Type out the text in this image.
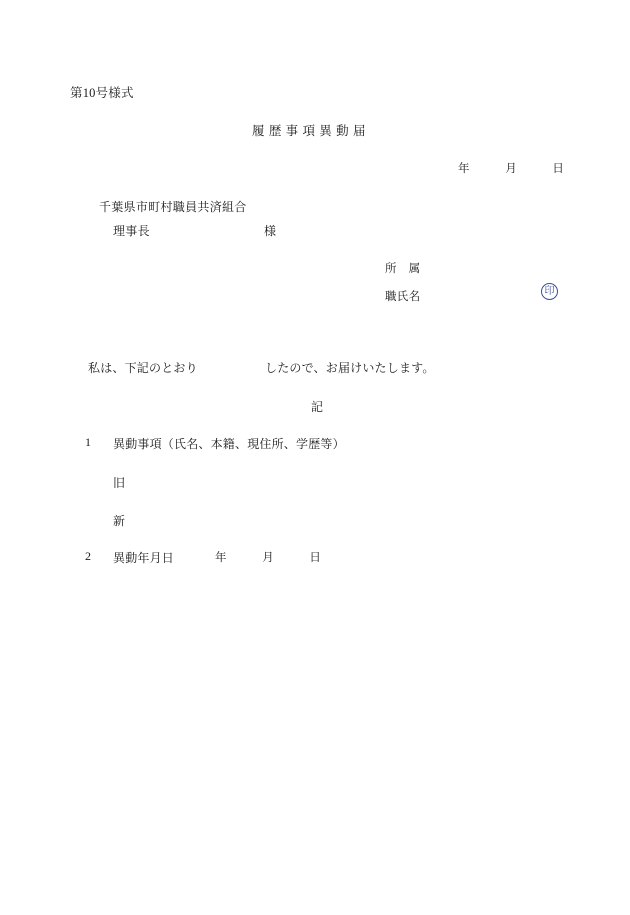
第10号様式
履 歴 事 項 異 動 届
年　　　月　　　日
千葉県市町村職員共済組合
理事長	様
所　属
職氏名	印
私は、下記のとおり	したので、お届けいたします。
記
1 異動事項（氏名、本籍、現住所、学歴等）
旧
新
2 異動年月日	年　　　月　　　日
